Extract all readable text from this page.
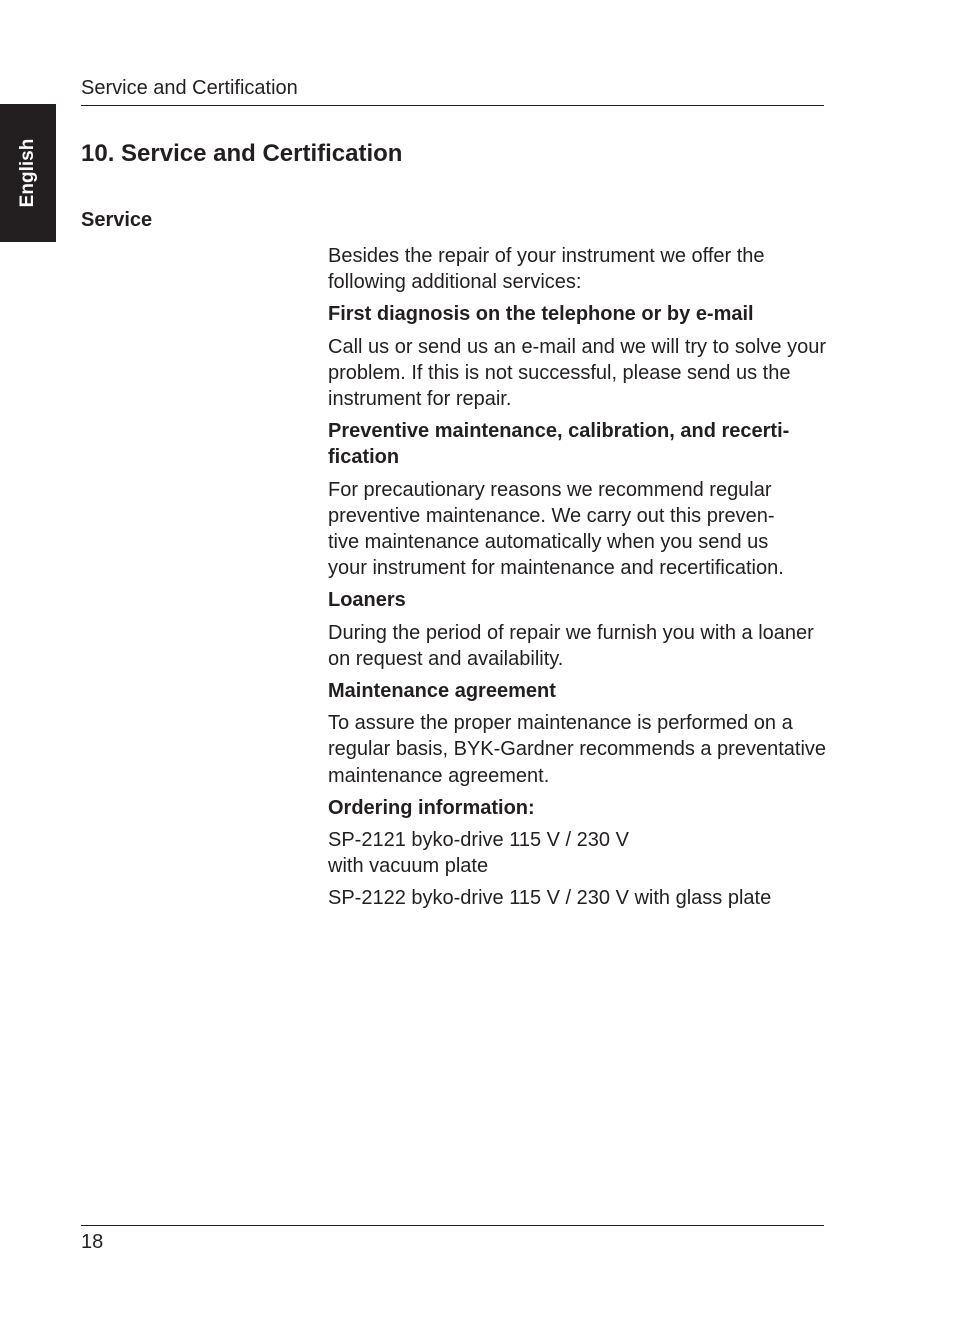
English
Service and Certification
10. Service and Certification
Service

Besides the repair of your instrument we offer the following additional services:

First diagnosis on the telephone or by e-mail

Call us or send us an e-mail and we will try to solve your problem. If this is not successful, please send us the instrument for repair.

Preventive maintenance, calibration, and recerti-
fication

For precautionary reasons we recommend regular
preventive maintenance. We carry out this preven-
tive maintenance automatically when you send us
your instrument for maintenance and recertification.

Loaners

During the period of repair we furnish you with a loaner on request and availability.

Maintenance agreement

To assure the proper maintenance is performed on a regular basis, BYK-Gardner recommends a preventative maintenance agreement.

Ordering information:

SP-2121 byko-drive 115 V / 230 V
with vacuum plate

SP-2122 byko-drive 115 V / 230 V with glass plate

18
